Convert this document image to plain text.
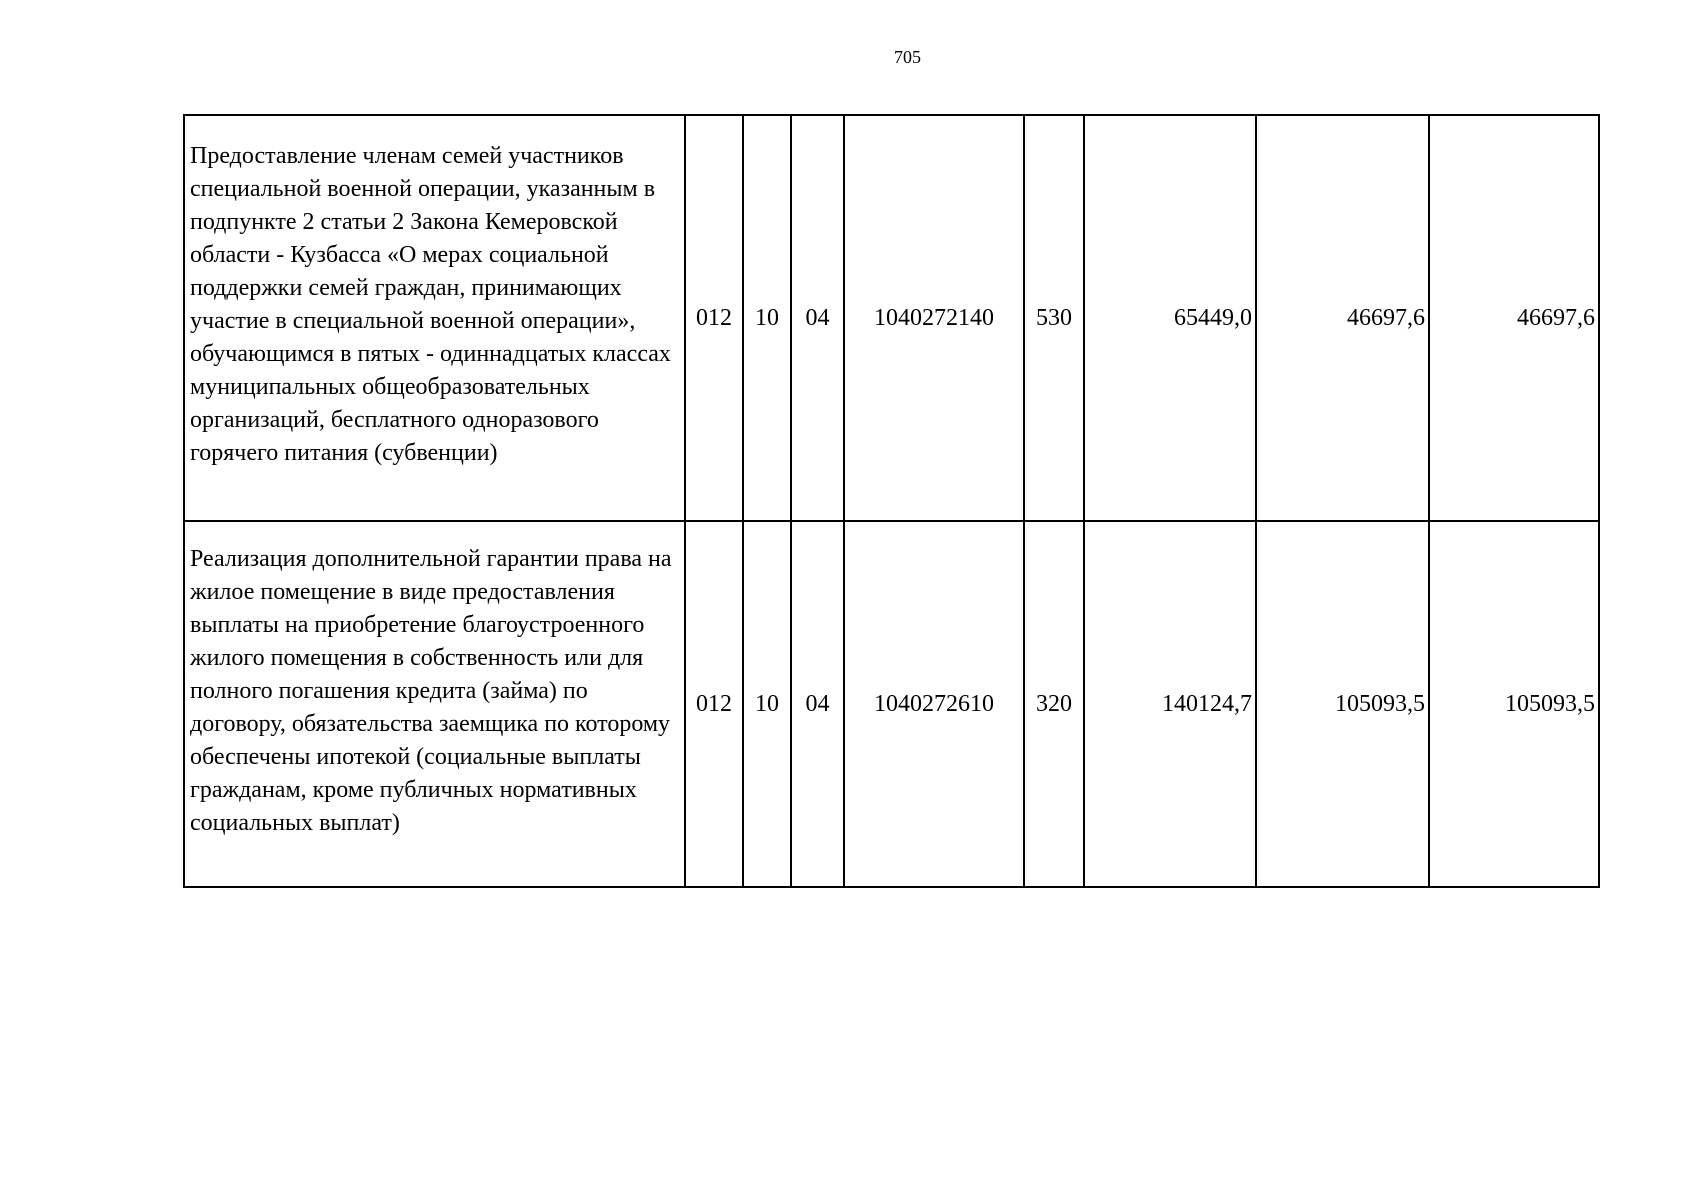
705
Предоставление членам семей участников специальной военной операции, указанным в подпункте 2 статьи 2 Закона Кемеровской области - Кузбасса «О мерах социальной поддержки семей граждан, принимающих участие в специальной военной операции», обучающимся в пятых - одиннадцатых классах муниципальных общеобразовательных организаций, бесплатного одноразового горячего питания (субвенции)	012	10	04	1040272140	530	65449,0	46697,6	46697,6
Реализация дополнительной гарантии права на жилое помещение в виде предоставления выплаты на приобретение благоустроенного жилого помещения в собственность или для полного погашения кредита (займа) по договору, обязательства заемщика по которому обеспечены ипотекой (социальные выплаты гражданам, кроме публичных нормативных социальных выплат)	012	10	04	1040272610	320	140124,7	105093,5	105093,5
